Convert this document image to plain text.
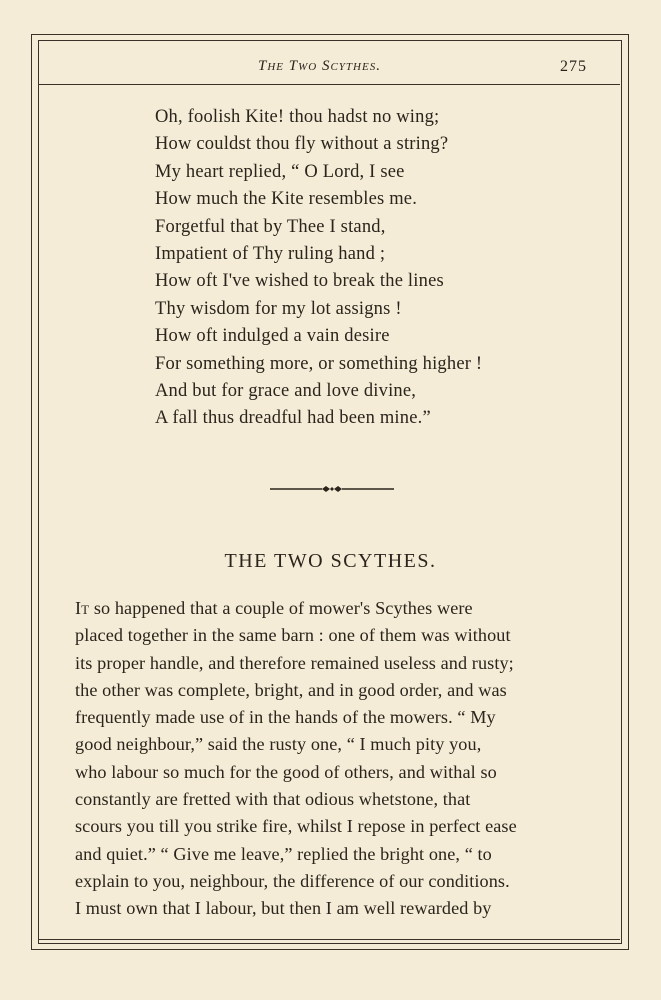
The Two Scythes.	275
Oh, foolish Kite! thou hadst no wing;
How couldst thou fly without a string?
My heart replied, “ O Lord, I see
How much the Kite resembles me.
Forgetful that by Thee I stand,
Impatient of Thy ruling hand ;
How oft I've wished to break the lines
Thy wisdom for my lot assigns !
How oft indulged a vain desire
For something more, or something higher !
And but for grace and love divine,
A fall thus dreadful had been mine.”
THE TWO SCYTHES.
It so happened that a couple of mower's Scythes were
placed together in the same barn : one of them was without
its proper handle, and therefore remained useless and rusty;
the other was complete, bright, and in good order, and was
frequently made use of in the hands of the mowers. “ My
good neighbour,” said the rusty one, “ I much pity you,
who labour so much for the good of others, and withal so
constantly are fretted with that odious whetstone, that
scours you till you strike fire, whilst I repose in perfect ease
and quiet.” “ Give me leave,” replied the bright one, “ to
explain to you, neighbour, the difference of our conditions.
I must own that I labour, but then I am well rewarded by
